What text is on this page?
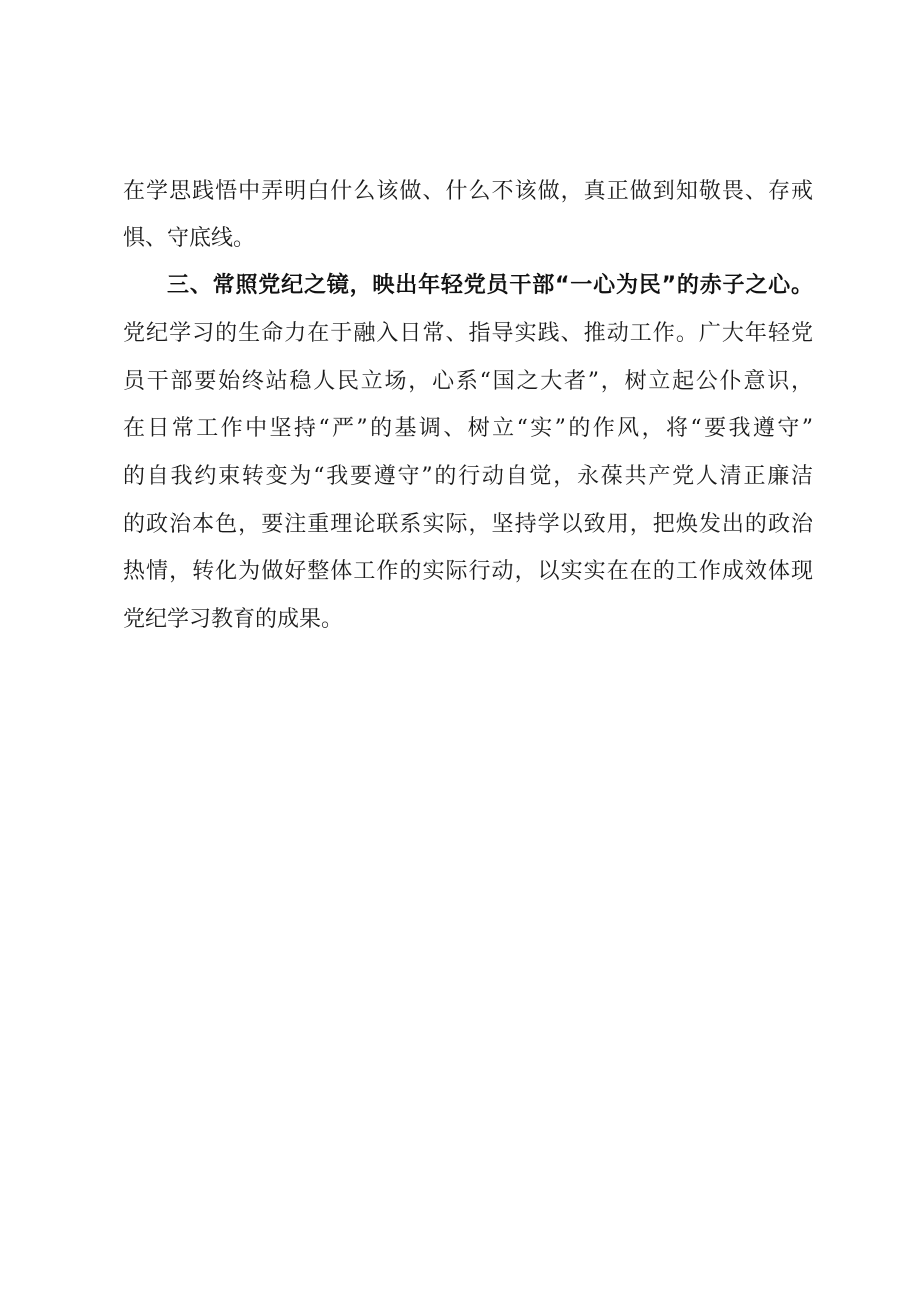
在学思践悟中弄明白什么该做、什么不该做，真正做到知敬畏、存戒
惧、守底线。
三、常照党纪之镜，映出年轻党员干部“一心为民”的赤子之心。
党纪学习的生命力在于融入日常、指导实践、推动工作。广大年轻党
员干部要始终站稳人民立场，心系“国之大者”，树立起公仆意识，
在日常工作中坚持“严”的基调、树立“实”的作风，将“要我遵守”
的自我约束转变为“我要遵守”的行动自觉，永葆共产党人清正廉洁
的政治本色，要注重理论联系实际，坚持学以致用，把焕发出的政治
热情，转化为做好整体工作的实际行动，以实实在在的工作成效体现
党纪学习教育的成果。
